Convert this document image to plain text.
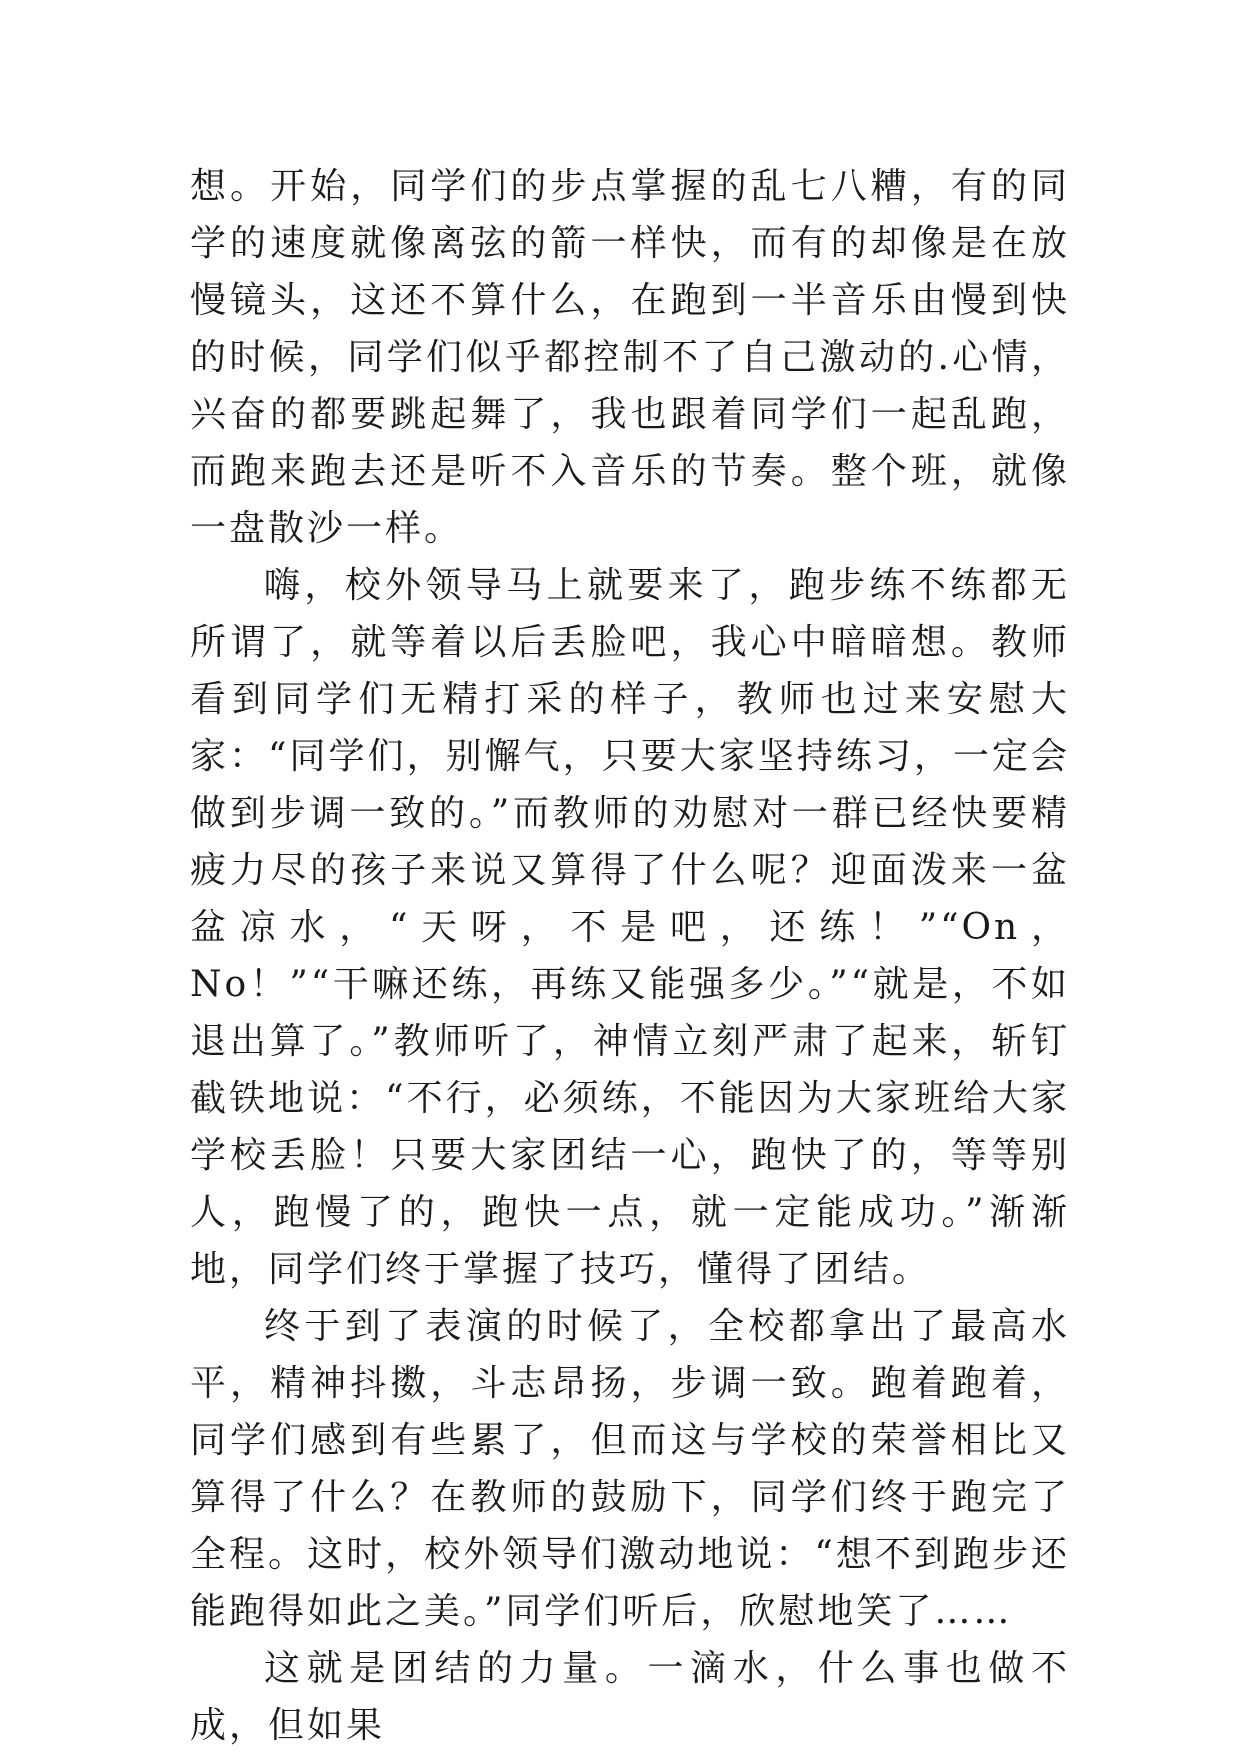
想。开始，同学们的步点掌握的乱七八糟，有的同学的速度就像离弦的箭一样快，而有的却像是在放慢镜头，这还不算什么，在跑到一半音乐由慢到快的时候，同学们似乎都控制不了自己激动的.心情，兴奋的都要跳起舞了，我也跟着同学们一起乱跑，而跑来跑去还是听不入音乐的节奏。整个班，就像一盘散沙一样。

嗨，校外领导马上就要来了，跑步练不练都无所谓了，就等着以后丢脸吧，我心中暗暗想。教师看到同学们无精打采的样子，教师也过来安慰大家：“同学们，别懈气，只要大家坚持练习，一定会做到步调一致的。”而教师的劝慰对一群已经快要精疲力尽的孩子来说又算得了什么呢？迎面泼来一盆盆凉水，“天呀，不是吧，还练！”“On，No！”“干嘛还练，再练又能强多少。”“就是，不如退出算了。”教师听了，神情立刻严肃了起来，斩钉截铁地说：“不行，必须练，不能因为大家班给大家学校丢脸！只要大家团结一心，跑快了的，等等别人，跑慢了的，跑快一点，就一定能成功。”渐渐地，同学们终于掌握了技巧，懂得了团结。

终于到了表演的时候了，全校都拿出了最高水平，精神抖擞，斗志昂扬，步调一致。跑着跑着，同学们感到有些累了，但而这与学校的荣誉相比又算得了什么？在教师的鼓励下，同学们终于跑完了全程。这时，校外领导们激动地说：“想不到跑步还能跑得如此之美。”同学们听后，欣慰地笑了……

这就是团结的力量。一滴水，什么事也做不成，但如果
